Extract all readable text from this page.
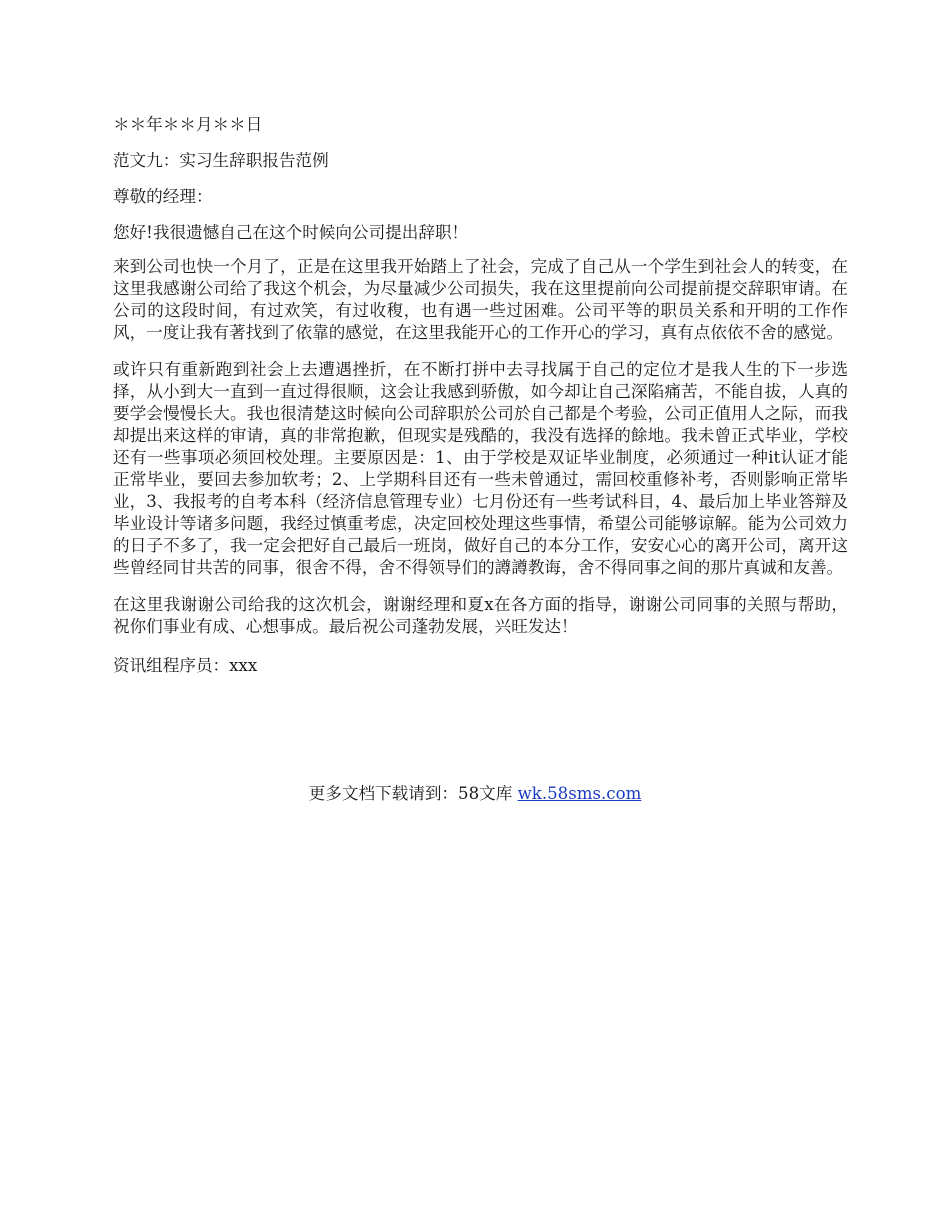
＊＊年＊＊月＊＊日

范文九：实习生辞职报告范例

尊敬的经理：

您好!我很遗憾自己在这个时候向公司提出辞职！

来到公司也快一个月了，正是在这里我开始踏上了社会，完成了自己从一个学生到社会人的转变，在这里我感谢公司给了我这个机会，为尽量减少公司损失，我在这里提前向公司提前提交辞职审请。在公司的这段时间，有过欢笑，有过收稪，也有遇一些过困难。公司平等的职员关系和开明的工作作风，一度让我有著找到了依靠的感觉，在这里我能开心的工作开心的学习，真有点依依不舍的感觉。

或许只有重新跑到社会上去遭遇挫折，在不断打拼中去寻找属于自己的定位才是我人生的下一步选择，从小到大一直到一直过得很顺，这会让我感到骄傲，如今却让自己深陷痛苦，不能自拔，人真的要学会慢慢长大。我也很清楚这时候向公司辞职於公司於自己都是个考验，公司正值用人之际，而我却提出来这样的审请，真的非常抱歉，但现实是残酷的，我没有选择的餘地。我未曾正式毕业，学校还有一些事项必须回校处理。主要原因是：1、由于学校是双证毕业制度，必须通过一种it认证才能正常毕业，要回去参加软考；2、上学期科目还有一些未曾通过，需回校重修补考，否则影响正常毕业，3、我报考的自考本科（经济信息管理专业）七月份还有一些考试科目，4、最后加上毕业答辩及毕业设计等诸多问题，我经过慎重考虑，决定回校处理这些事情，希望公司能够谅解。能为公司效力的日子不多了，我一定会把好自己最后一班岗，做好自己的本分工作，安安心心的离开公司，离开这些曾经同甘共苦的同事，很舍不得，舍不得领导们的譐譐教诲，舍不得同事之间的那片真诚和友善。

在这里我谢谢公司给我的这次机会，谢谢经理和夏x在各方面的指导，谢谢公司同事的关照与帮助，祝你们事业有成、心想事成。最后祝公司蓬勃发展，兴旺发达！

资讯组程序员：xxx

更多文档下载请到：58文库 wk.58sms.com
